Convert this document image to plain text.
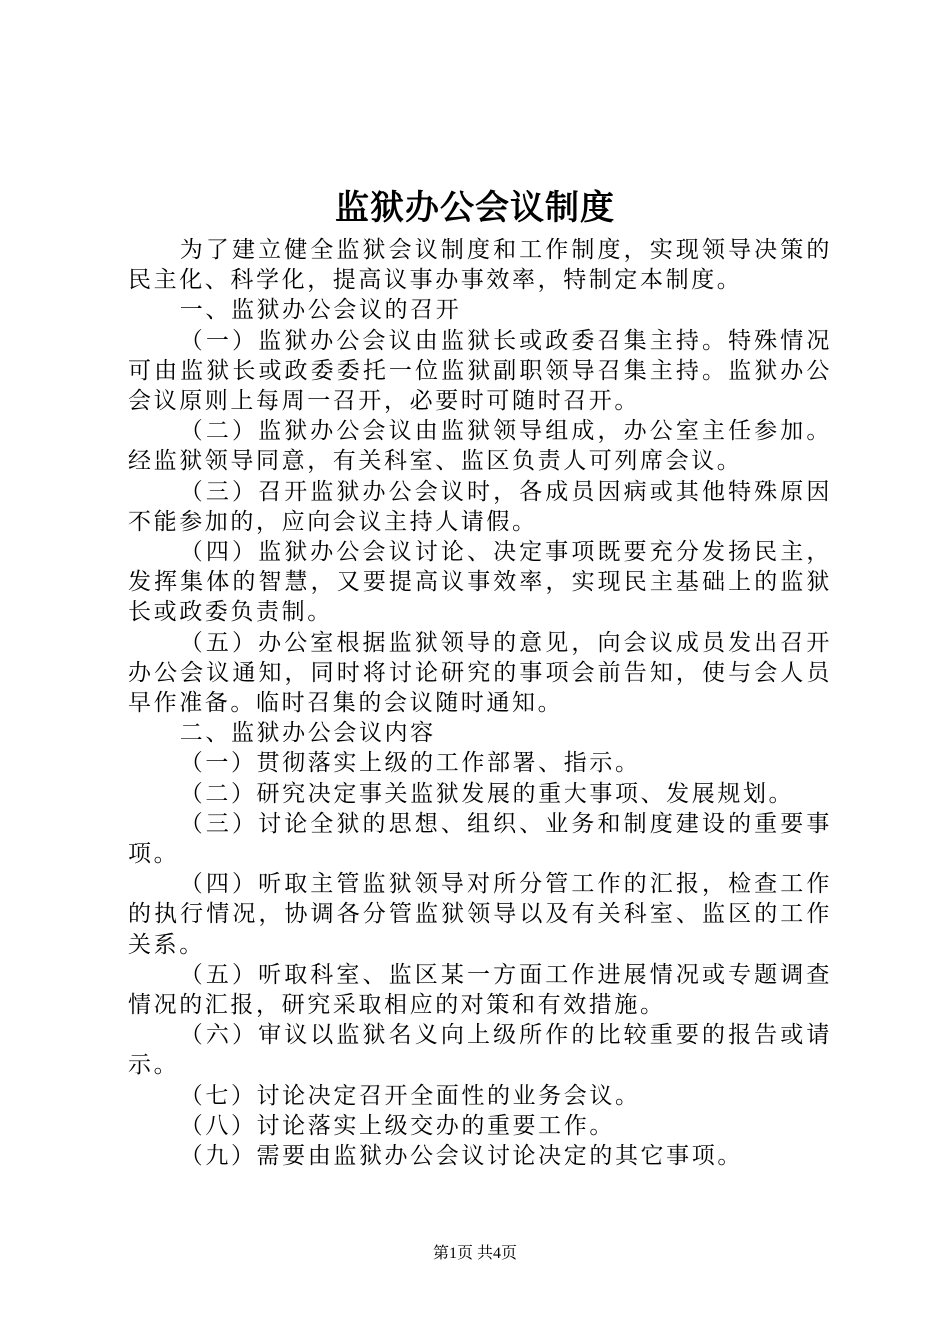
监狱办公会议制度

为了建立健全监狱会议制度和工作制度，实现领导决策的民主化、科学化，提高议事办事效率，特制定本制度。

一、监狱办公会议的召开

（一）监狱办公会议由监狱长或政委召集主持。特殊情况可由监狱长或政委委托一位监狱副职领导召集主持。监狱办公会议原则上每周一召开，必要时可随时召开。

（二）监狱办公会议由监狱领导组成，办公室主任参加。经监狱领导同意，有关科室、监区负责人可列席会议。

（三）召开监狱办公会议时，各成员因病或其他特殊原因不能参加的，应向会议主持人请假。

（四）监狱办公会议讨论、决定事项既要充分发扬民主，发挥集体的智慧，又要提高议事效率，实现民主基础上的监狱长或政委负责制。

（五）办公室根据监狱领导的意见，向会议成员发出召开办公会议通知，同时将讨论研究的事项会前告知，使与会人员早作准备。临时召集的会议随时通知。

二、监狱办公会议内容

（一）贯彻落实上级的工作部署、指示。

（二）研究决定事关监狱发展的重大事项、发展规划。

（三）讨论全狱的思想、组织、业务和制度建设的重要事项。

（四）听取主管监狱领导对所分管工作的汇报，检查工作的执行情况，协调各分管监狱领导以及有关科室、监区的工作关系。

（五）听取科室、监区某一方面工作进展情况或专题调查情况的汇报，研究采取相应的对策和有效措施。

（六）审议以监狱名义向上级所作的比较重要的报告或请示。

（七）讨论决定召开全面性的业务会议。

（八）讨论落实上级交办的重要工作。

（九）需要由监狱办公会议讨论决定的其它事项。

第1页 共4页
